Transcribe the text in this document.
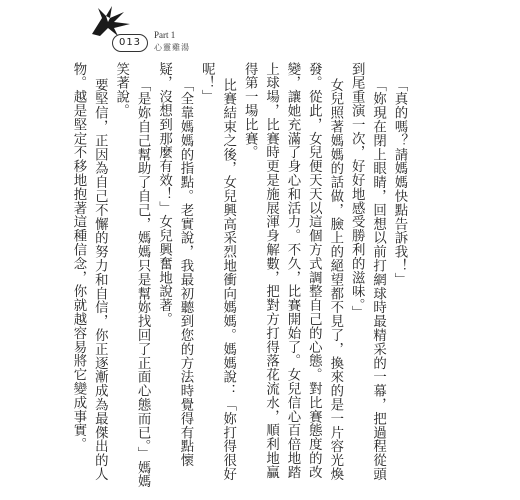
013
Part 1
心靈雞湯

「真的嗎？請媽媽快點告訴我！」

「妳現在閉上眼睛，回想以前打網球時最精采的一幕，把過程從頭到尾重演一次，好好地感受勝利的滋味。」

女兒照著媽媽的話做，臉上的絕望都不見了，換來的是一片容光煥發。從此，女兒便天天以這個方式調整自己的心態。對比賽態度的改變，讓她充滿了身心和活力。不久，比賽開始了。女兒信心百倍地踏上球場，比賽時更是施展渾身解數，把對方打得落花流水，順利地贏得第一場比賽。

比賽結束之後，女兒興高采烈地衝向媽媽。媽媽說：「妳打得很好呢！」

「全靠媽媽的指點。老實說，我最初聽到您的方法時覺得有點懷疑，沒想到那麼有效！」女兒興奮地說著。

「是妳自己幫助了自己，媽媽只是幫妳找回了正面心態而已。」媽媽笑著說。

要堅信，正因為自己不懈的努力和自信，你正逐漸成為最傑出的人物。越是堅定不移地抱著這種信念，你就越容易將它變成事實。
